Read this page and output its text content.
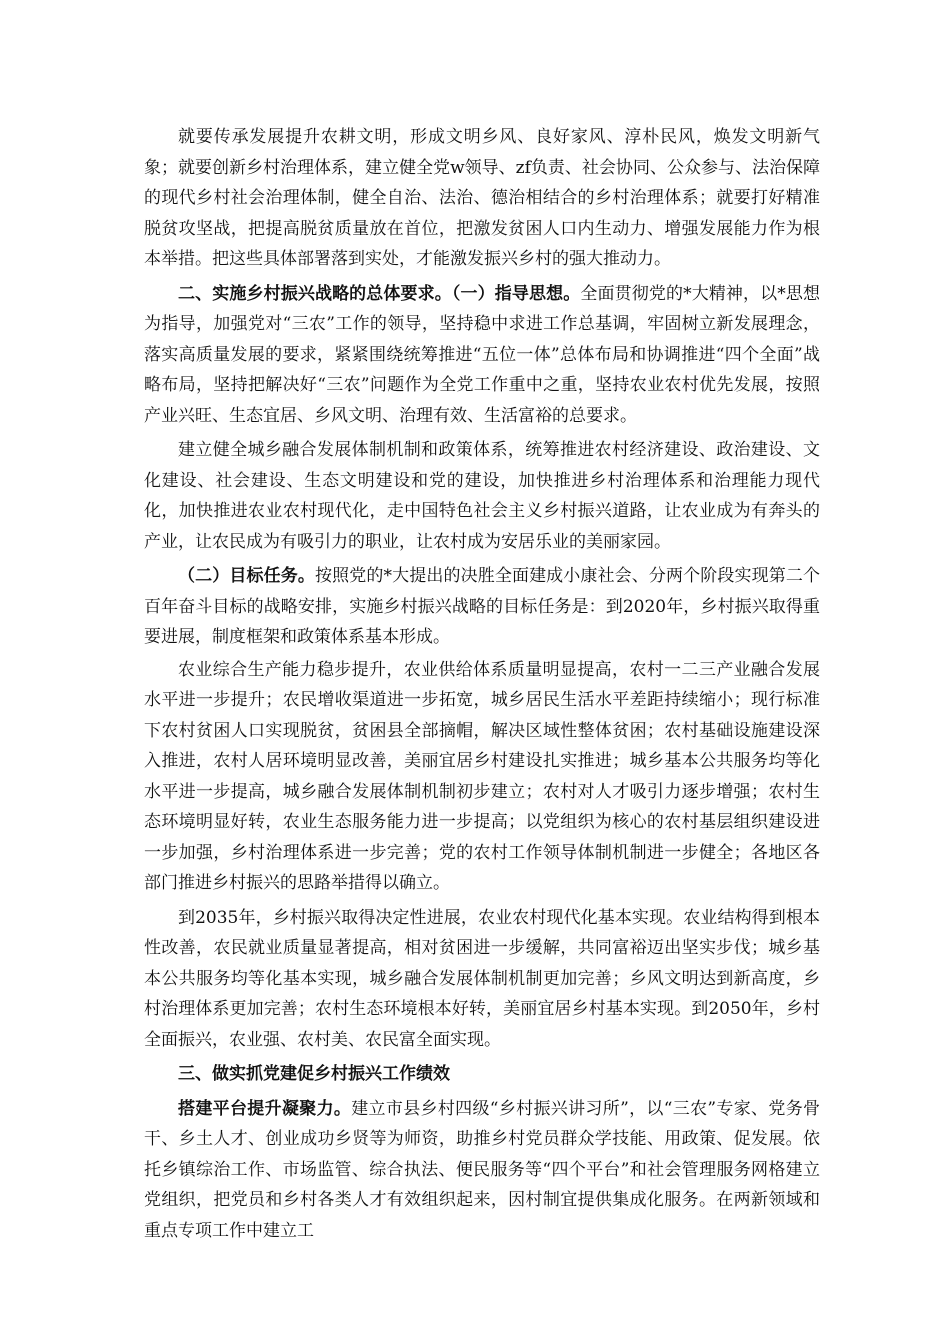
就要传承发展提升农耕文明，形成文明乡风、良好家风、淳朴民风，焕发文明新气象；就要创新乡村治理体系，建立健全党w领导、zf负责、社会协同、公众参与、法治保障的现代乡村社会治理体制，健全自治、法治、德治相结合的乡村治理体系；就要打好精准脱贫攻坚战，把提高脱贫质量放在首位，把激发贫困人口内生动力、增强发展能力作为根本举措。把这些具体部署落到实处，才能激发振兴乡村的强大推动力。

二、实施乡村振兴战略的总体要求。（一）指导思想。全面贯彻党的*大精神，以*思想为指导，加强党对“三农”工作的领导，坚持稳中求进工作总基调，牢固树立新发展理念，落实高质量发展的要求，紧紧围绕统筹推进“五位一体”总体布局和协调推进“四个全面”战略布局，坚持把解决好“三农”问题作为全党工作重中之重，坚持农业农村优先发展，按照产业兴旺、生态宜居、乡风文明、治理有效、生活富裕的总要求。

建立健全城乡融合发展体制机制和政策体系，统筹推进农村经济建设、政治建设、文化建设、社会建设、生态文明建设和党的建设，加快推进乡村治理体系和治理能力现代化，加快推进农业农村现代化，走中国特色社会主义乡村振兴道路，让农业成为有奔头的产业，让农民成为有吸引力的职业，让农村成为安居乐业的美丽家园。

（二）目标任务。按照党的*大提出的决胜全面建成小康社会、分两个阶段实现第二个百年奋斗目标的战略安排，实施乡村振兴战略的目标任务是：到2020年，乡村振兴取得重要进展，制度框架和政策体系基本形成。

农业综合生产能力稳步提升，农业供给体系质量明显提高，农村一二三产业融合发展水平进一步提升；农民增收渠道进一步拓宽，城乡居民生活水平差距持续缩小；现行标准下农村贫困人口实现脱贫，贫困县全部摘帽，解决区域性整体贫困；农村基础设施建设深入推进，农村人居环境明显改善，美丽宜居乡村建设扎实推进；城乡基本公共服务均等化水平进一步提高，城乡融合发展体制机制初步建立；农村对人才吸引力逐步增强；农村生态环境明显好转，农业生态服务能力进一步提高；以党组织为核心的农村基层组织建设进一步加强，乡村治理体系进一步完善；党的农村工作领导体制机制进一步健全；各地区各部门推进乡村振兴的思路举措得以确立。

到2035年，乡村振兴取得决定性进展，农业农村现代化基本实现。农业结构得到根本性改善，农民就业质量显著提高，相对贫困进一步缓解，共同富裕迈出坚实步伐；城乡基本公共服务均等化基本实现，城乡融合发展体制机制更加完善；乡风文明达到新高度，乡村治理体系更加完善；农村生态环境根本好转，美丽宜居乡村基本实现。到2050年，乡村全面振兴，农业强、农村美、农民富全面实现。

三、做实抓党建促乡村振兴工作绩效

搭建平台提升凝聚力。建立市县乡村四级“乡村振兴讲习所”，以“三农”专家、党务骨干、乡土人才、创业成功乡贤等为师资，助推乡村党员群众学技能、用政策、促发展。依托乡镇综治工作、市场监管、综合执法、便民服务等“四个平台”和社会管理服务网格建立党组织，把党员和乡村各类人才有效组织起来，因村制宜提供集成化服务。在两新领域和重点专项工作中建立工
